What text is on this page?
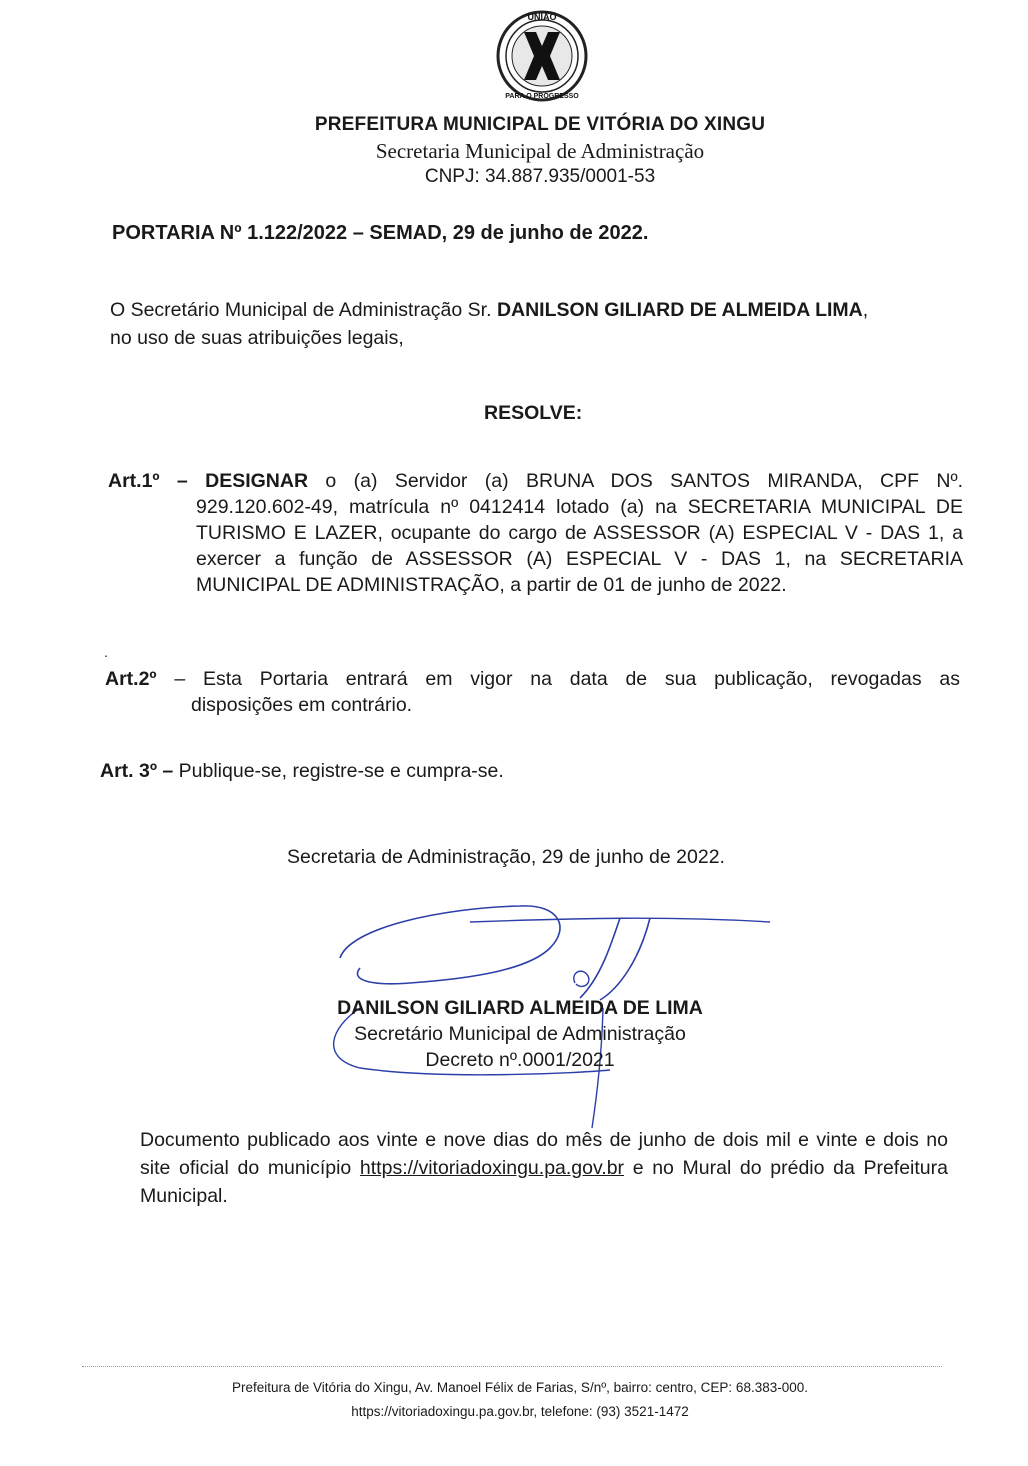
UNIÃO
PARA O PROGRESSO

PREFEITURA MUNICIPAL DE VITÓRIA DO XINGU

Secretaria Municipal de Administração

CNPJ: 34.887.935/0001-53

PORTARIA Nº 1.122/2022 – SEMAD, 29 de junho de 2022.
O Secretário Municipal de Administração Sr. DANILSON GILIARD DE ALMEIDA LIMA,
no uso de suas atribuições legais,
RESOLVE:
Art.1º – DESIGNAR o (a) Servidor (a) BRUNA DOS SANTOS MIRANDA, CPF Nº.
929.120.602-49, matrícula nº 0412414 lotado (a) na SECRETARIA MUNICIPAL DE TURISMO E LAZER, ocupante do cargo de ASSESSOR (A) ESPECIAL V - DAS 1, a exercer a função de ASSESSOR (A) ESPECIAL V - DAS 1, na SECRETARIA MUNICIPAL DE ADMINISTRAÇÃO, a partir de 01 de junho de 2022.
.
Art.2º – Esta Portaria entrará em vigor na data de sua publicação, revogadas as
disposições em contrário.
Art. 3º – Publique-se, registre-se e cumpra-se.
Secretaria de Administração, 29 de junho de 2022.

DANILSON GILIARD ALMEIDA DE LIMA

Secretário Municipal de Administração

Decreto nº.0001/2021

Documento publicado aos vinte e nove dias do mês de junho de dois mil e vinte e dois no site oficial do município https://vitoriadoxingu.pa.gov.br e no Mural do prédio da Prefeitura Municipal.
Prefeitura de Vitória do Xingu, Av. Manoel Félix de Farias, S/nº, bairro: centro, CEP: 68.383-000.
https://vitoriadoxingu.pa.gov.br, telefone: (93) 3521-1472
